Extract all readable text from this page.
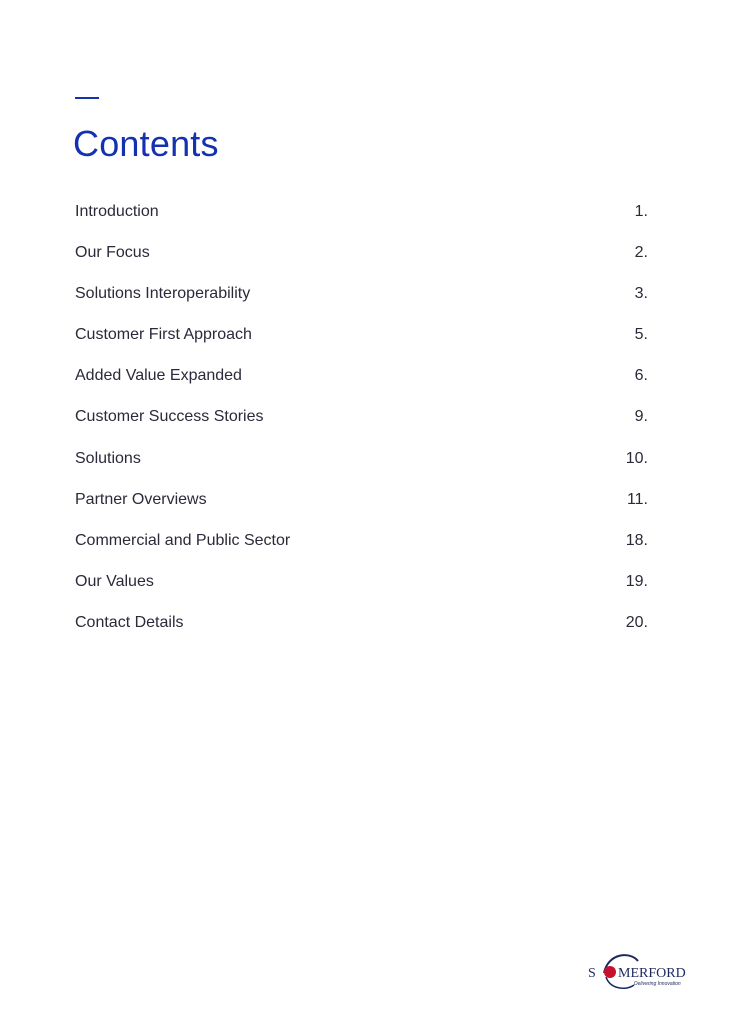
Contents
Introduction	1.
Our Focus	2.
Solutions Interoperability	3.
Customer First Approach	5.
Added Value Expanded	6.
Customer Success Stories	9.
Solutions	10.
Partner Overviews	11.
Commercial and Public Sector	18.
Our Values	19.
Contact Details	20.
S MERFORD
Delivering Innovation
